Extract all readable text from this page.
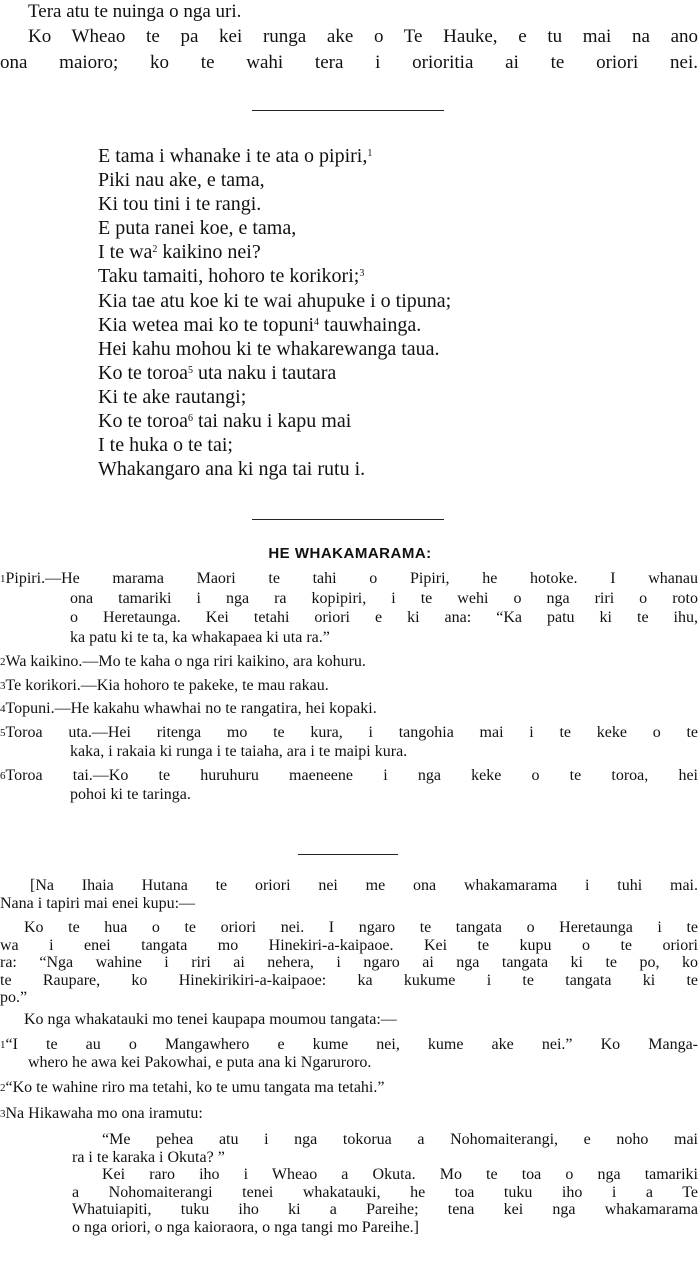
Tera atu te nuinga o nga uri.
Ko Wheao te pa kei runga ake o Te Hauke, e tu mai na ano
ona maioro; ko te wahi tera i orioritia ai te oriori nei.
E tama i whanake i te ata o pipiri,$^1$
Piki nau ake, e tama,
Ki tou tini i te rangi.
E puta ranei koe, e tama,
I te $wa^2$ kaikino nei?
Taku tamaiti, hohoro te korikori;$^3$
Kia tae atu koe ki te wai ahupuke i o tipuna;
Kia wetea mai ko te topuni$^4$ tauwhainga.
Hei kahu mohou ki te whakarewanga taua.
Ko te toroa$^5$ uta naku i tautara
Ki te ake rautangi;
Ko te toroa$^6$ tai naku i kapu mai
I te huka o te tai;
Whakangaro ana ki nga tai rutu i.
HE WHAKAMARAMA:
$^1$Pipiri.—He marama Maori te tahi o Pipiri, he hotoke. I whanau
ona tamariki i nga ra kopipiri, i te wehi o nga riri o roto
o Heretaunga. Kei tetahi oriori e ki ana: “Ka patu ki te ihu,
ka patu ki te ta, ka whakapaea ki uta ra.”
$^2$Wa kaikino.—Mo te kaha o nga riri kaikino, ara kohuru.
$^3$Te korikori.—Kia hohoro te pakeke, te mau rakau.
$^4$Topuni.—He kakahu whawhai no te rangatira, hei kopaki.
$^5$Toroa uta.—Hei ritenga mo te kura, i tangohia mai i te keke o te
kaka, i rakaia ki runga i te taiaha, ara i te maipi kura.
$^6$Toroa tai.—Ko te huruhuru maeneene i nga keke o te toroa, hei
pohoi ki te taringa.
[Na Ihaia Hutana te oriori nei me ona whakamarama i tuhi mai.
Nana i tapiri mai enei kupu:—
Ko te hua o te oriori nei. I ngaro te tangata o Heretaunga i te
wa i enei tangata mo Hinekiri-a-kaipaoe. Kei te kupu o te oriori
ra: “Nga wahine i riri ai nehera, i ngaro ai nga tangata ki te po, ko
te Raupare, ko Hinekirikiri-a-kaipaoe: ka kukume i te tangata ki te
po.”
Ko nga whakatauki mo tenei kaupapa moumou tangata:—
$^1$“I te au o Mangawhero e kume nei, kume ake nei.” Ko Manga-
whero he awa kei Pakowhai, e puta ana ki Ngaruroro.
$^2$“Ko te wahine riro ma tetahi, ko te umu tangata ma tetahi.”
$^3$Na Hikawaha mo ona iramutu:
“Me pehea atu i nga tokorua a Nohomaiterangi, e noho mai
ra i te karaka i Okuta? ”
Kei raro iho i Wheao a Okuta. Mo te toa o nga tamariki
a Nohomaiterangi tenei whakatauki, he toa tuku iho i a Te
Whatuiapiti, tuku iho ki a Pareihe; tena kei nga whakamarama
o nga oriori, o nga kaioraora, o nga tangi mo Pareihe.]
